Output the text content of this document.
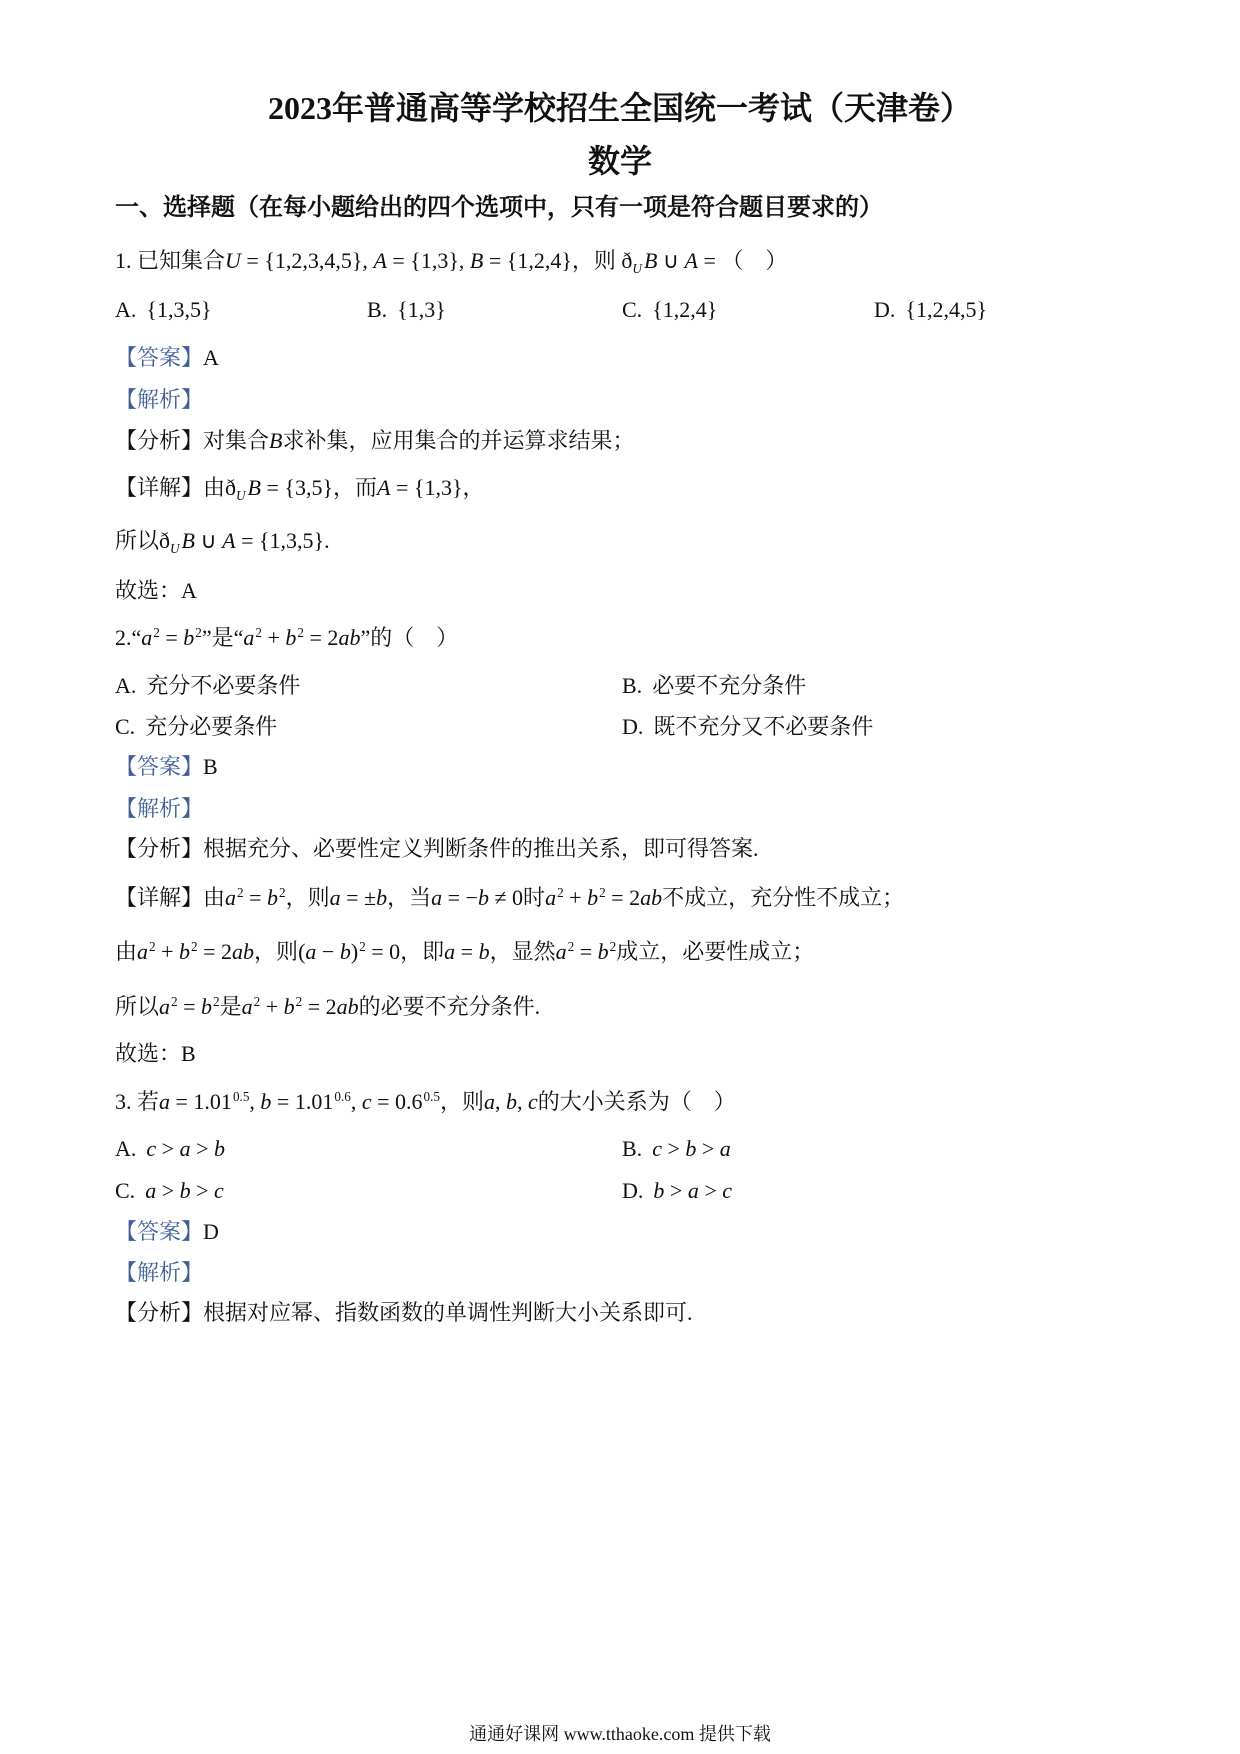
2023年普通高等学校招生全国统一考试（天津卷）
数学
一、选择题（在每小题给出的四个选项中，只有一项是符合题目要求的）
1. 已知集合U = {1,2,3,4,5}, A = {1,3}, B = {1,2,4}，则 $ð_UB$ ∪ A = （    ）
A. {1,3,5}	B. {1,3}	C. {1,2,4}	D. {1,2,4,5}
【答案】A
【解析】
【分析】对集合B求补集，应用集合的并运算求结果；
【详解】由$ð_UB = \{3,5\}$，而A = {1,3}，
所以$ð_UB$ ∪ A = {1,3,5}.
故选：A
$2.“a^2 = b^2$”是“$a^2 + b^2 = 2ab$”的（    ）
A. 充分不必要条件	B. 必要不充分条件
C. 充分必要条件	D. 既不充分又不必要条件
【答案】B
【解析】
【分析】根据充分、必要性定义判断条件的推出关系，即可得答案.
【详解】由$a^2 = b^2$，则a = ±b，当a = −b ≠ 0时$a^2 + b^2 = 2ab$不成立，充分性不成立；
由$a^2 + b^2 = 2ab$，则$(a - b)^2 = 0$，即a = b，显然$a^2 = b^2$成立，必要性成立；
所以$a^2 = b^2$是$a^2 + b^2 = 2ab$的必要不充分条件.
故选：B
3. 若$a = 1.01^{0.5}$, $b = 1.01^{0.6}$, $c = 0.6^{0.5}$，则a, b, c的大小关系为（    ）
A. c > a > b	B. c > b > a
C. a > b > c	D. b > a > c
【答案】D
【解析】
【分析】根据对应幂、指数函数的单调性判断大小关系即可.
通通好课网 www.tthaoke.com 提供下载
